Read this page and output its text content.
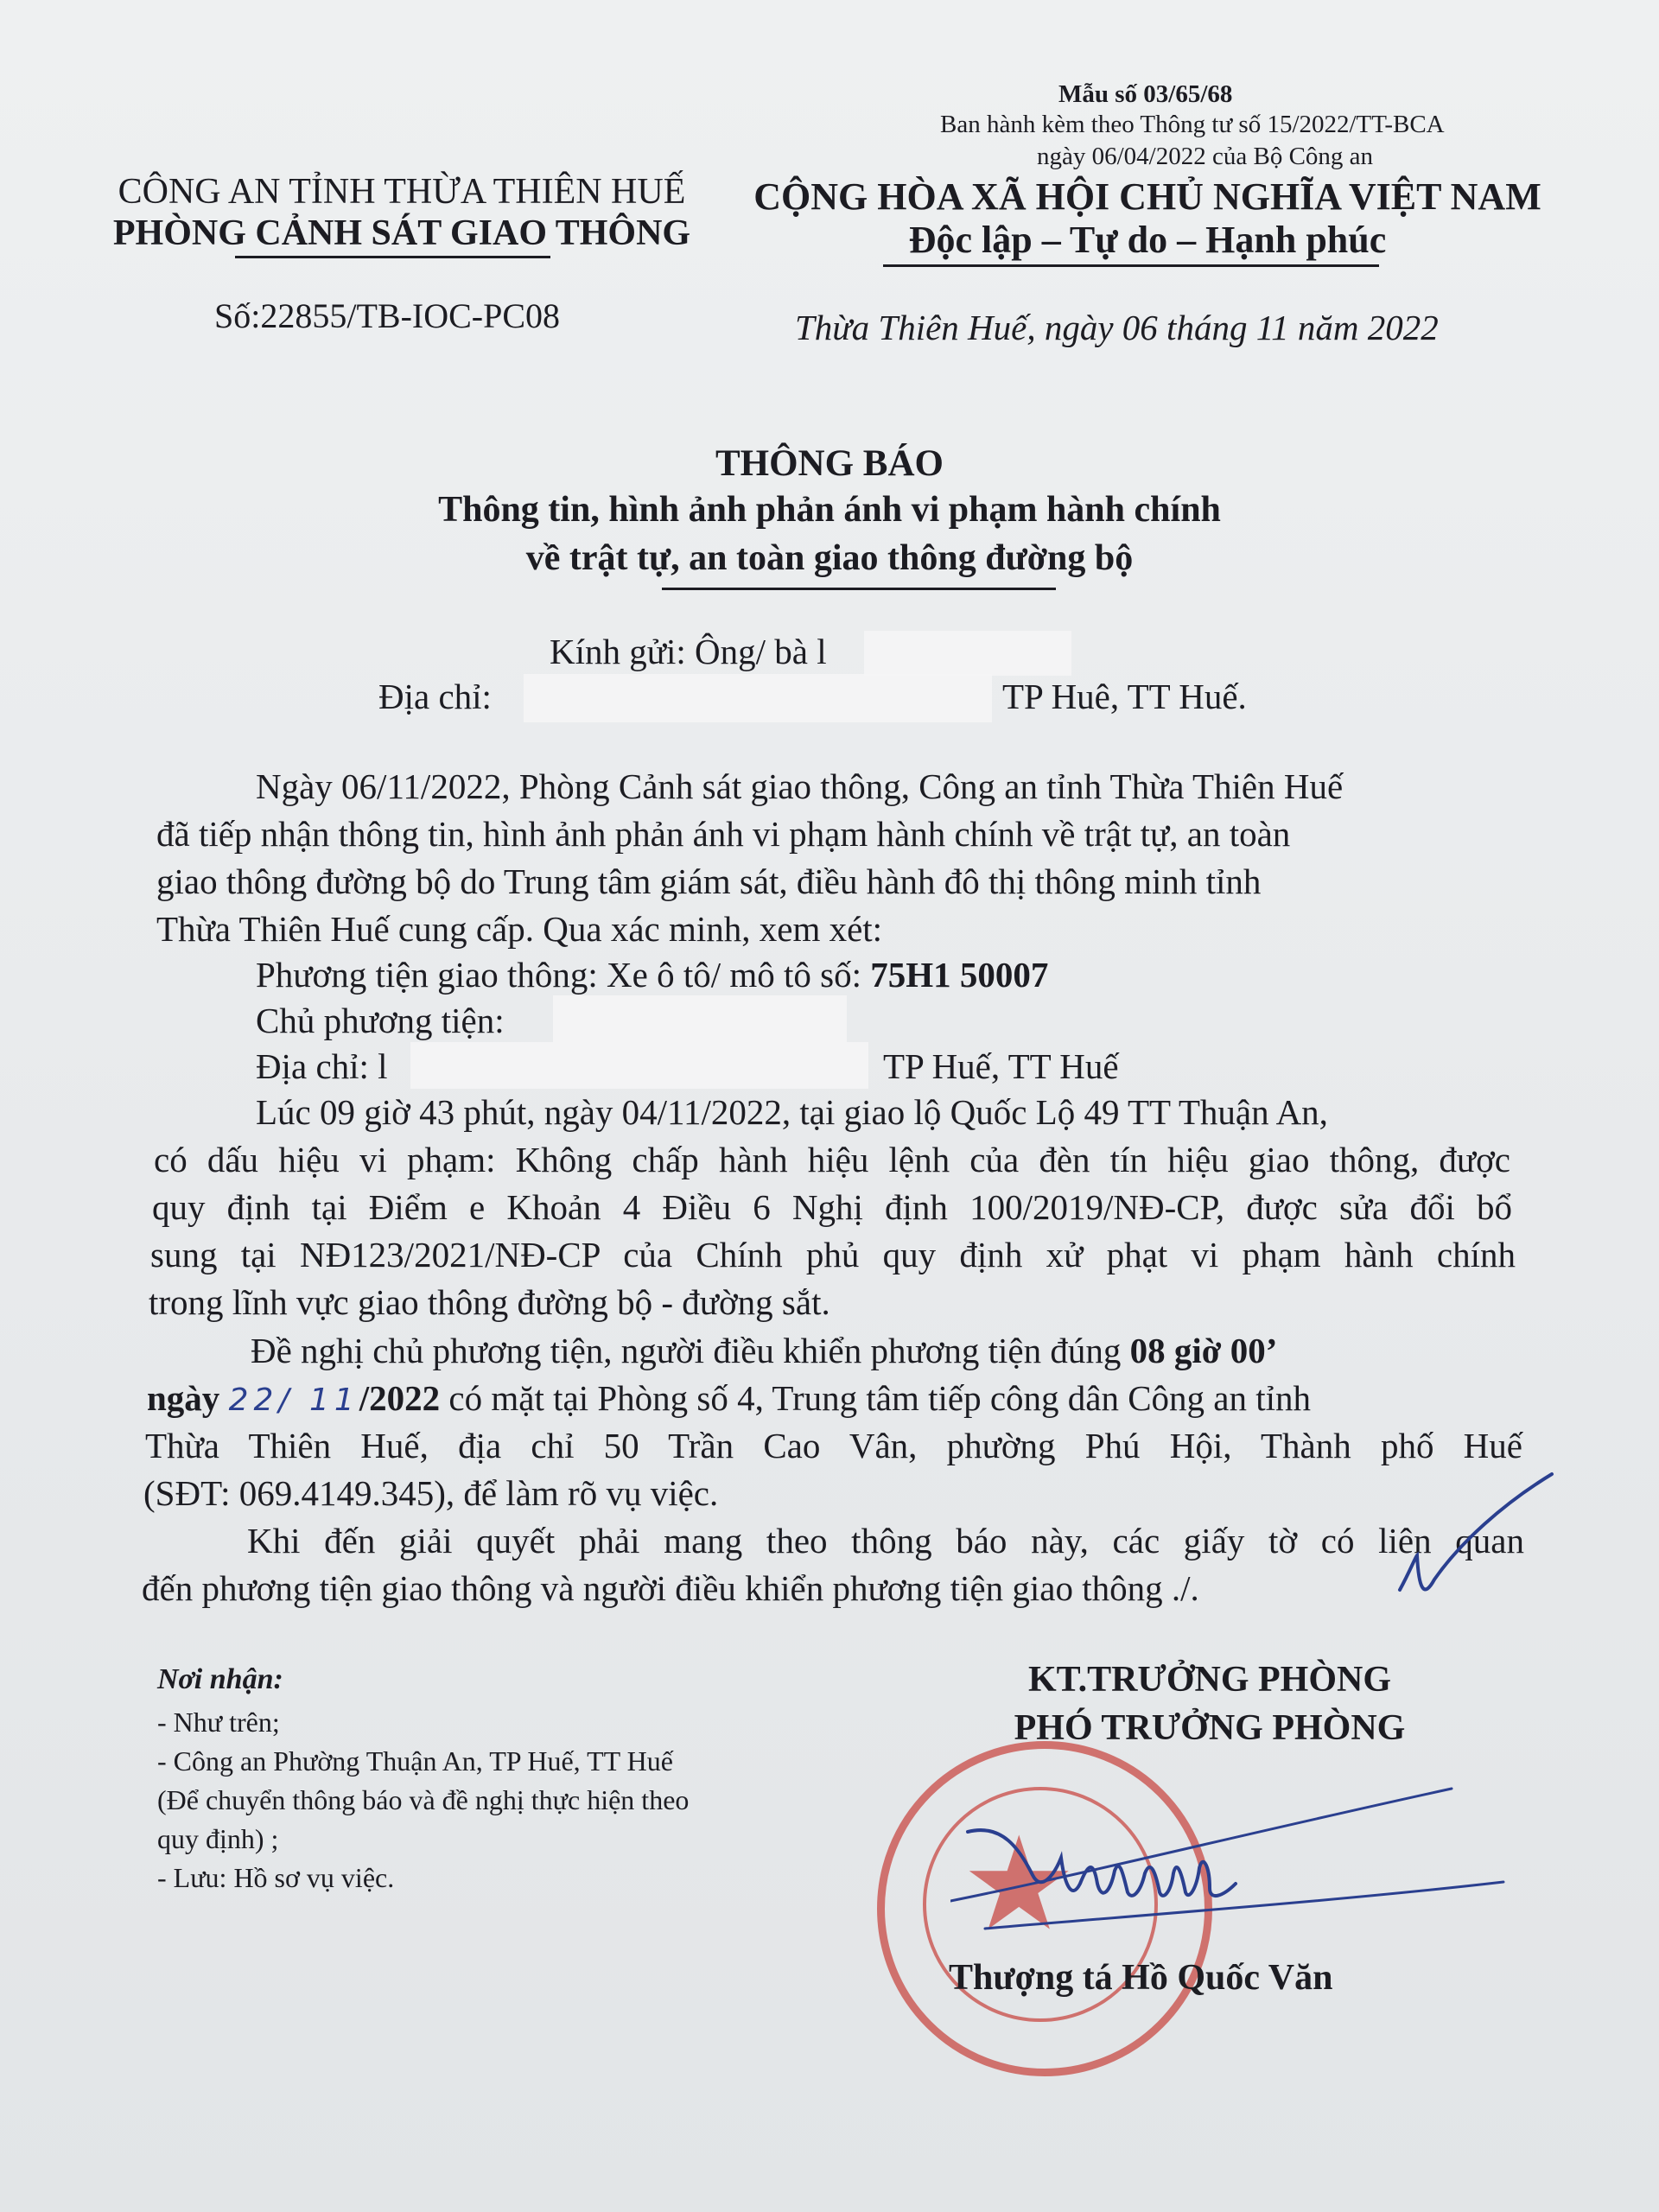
Mẫu số 03/65/68
Ban hành kèm theo Thông tư số 15/2022/TT-BCA
ngày 06/04/2022 của Bộ Công an
CÔNG AN TỈNH THỪA THIÊN HUẾ
PHÒNG CẢNH SÁT GIAO THÔNG
Số:22855/TB-IOC-PC08
CỘNG HÒA XÃ HỘI CHỦ NGHĨA VIỆT NAM
Độc lập – Tự do – Hạnh phúc
Thừa Thiên Huế, ngày 06 tháng 11 năm 2022
THÔNG BÁO
Thông tin, hình ảnh phản ánh vi phạm hành chính
về trật tự, an toàn giao thông đường bộ
Kính gửi: Ông/ bà l
Địa chỉ:	TP Huê, TT Huế.
Ngày 06/11/2022, Phòng Cảnh sát giao thông, Công an tỉnh Thừa Thiên Huế
đã tiếp nhận thông tin, hình ảnh phản ánh vi phạm hành chính về trật tự, an toàn
giao thông đường bộ do Trung tâm giám sát, điều hành đô thị thông minh tỉnh
Thừa Thiên Huế cung cấp. Qua xác minh, xem xét:
Phương tiện giao thông: Xe ô tô/ mô tô số: 75H1 50007
Chủ phương tiện:
Địa chỉ: l	TP Huế, TT Huế
Lúc 09 giờ 43 phút, ngày 04/11/2022, tại giao lộ Quốc Lộ 49 TT Thuận An,
có dấu hiệu vi phạm: Không chấp hành hiệu lệnh của đèn tín hiệu giao thông, được
quy định tại Điểm e Khoản 4 Điều 6 Nghị định 100/2019/NĐ-CP, được sửa đổi bổ
sung tại NĐ123/2021/NĐ-CP của Chính phủ quy định xử phạt vi phạm hành chính
trong lĩnh vực giao thông đường bộ - đường sắt.
Đề nghị chủ phương tiện, người điều khiển phương tiện đúng 08 giờ 00’
ngày 22/ 11/2022 có mặt tại Phòng số 4, Trung tâm tiếp công dân Công an tỉnh
Thừa Thiên Huế, địa chỉ 50 Trần Cao Vân, phường Phú Hội, Thành phố Huế
(SĐT: 069.4149.345), để làm rõ vụ việc.
Khi đến giải quyết phải mang theo thông báo này, các giấy tờ có liên quan
đến phương tiện giao thông và người điều khiển phương tiện giao thông ./.
Nơi nhận:
- Như trên;
- Công an Phường Thuận An, TP Huế, TT Huế
(Để chuyển thông báo và đề nghị thực hiện theo
quy định) ;
- Lưu: Hồ sơ vụ việc.	★
KT.TRƯỞNG PHÒNG
PHÓ TRƯỞNG PHÒNG
Thượng tá Hồ Quốc Văn
